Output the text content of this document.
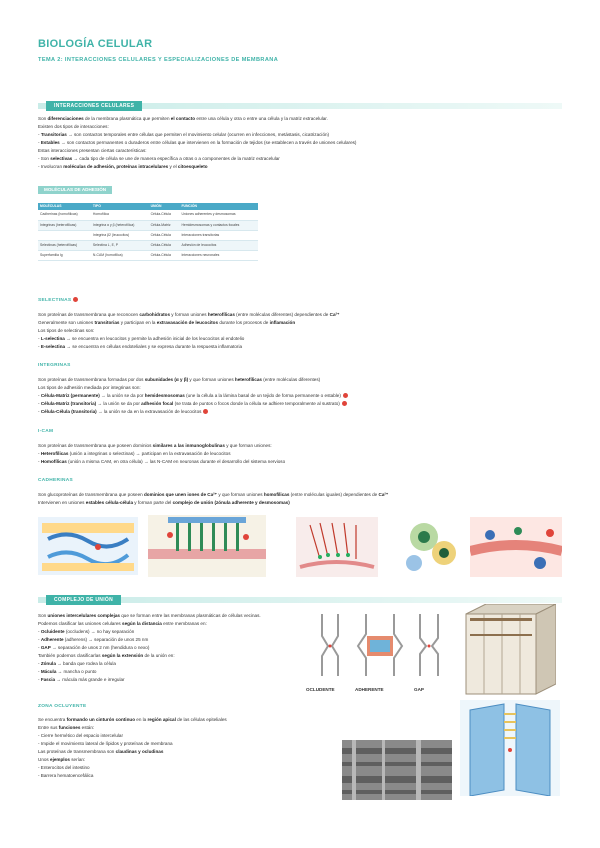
BIOLOGÍA CELULAR
TEMA 2: INTERACCIONES CELULARES Y ESPECIALIZACIONES DE MEMBRANA
INTERACCIONES CELULARES
Son diferenciaciones de la membrana plasmática que permiten el contacto entre una célula y otra o entre una célula y la matriz extracelular.
Existen dos tipos de interacciones:
- Transitorias → son contactos temporales entre células que permiten el movimiento celular (ocurren en infecciones, metástasis, cicatrización)
- Estables → son contactos permanentes o duraderos entre células que intervienen en la formación de tejidos (se establecen a través de uniones celulares)
Estas interacciones presentan ciertas características:
- Son selectivas → cada tipo de célula se une de manera específica a otras o a componentes de la matriz extracelular
- Involucran moléculas de adhesión, proteínas intracelulares y el citoesqueleto
MOLÉCULAS DE ADHESIÓN
MOLÉCULAS	TIPO	UNIÓN	FUNCIÓN
Cadherinas (homofílicas)	Homofílica	Célula-Célula	Uniones adherentes y desmosomas
Integrinas (heterofílicas)	Integrina α y β (heterofílica)	Célula-Matriz	Hemidesmosomas y contactos focales
	Integrina β2 (leucocitos)	Célula-Célula	Interacciones transitorias
Selectinas (heterofílicas)	Selectina L, E, P	Célula-Célula	Adhesión de leucocitos
Superfamilia Ig	N-CAM (homofílica)	Célula-Célula	Interacciones neuronales
SELECTINAS
Son proteínas de transmembrana que reconocen carbohidratos y forman uniones heterofílicas (entre moléculas diferentes) dependientes de Ca²⁺
Generalmente son uniones transitorias y participan en la extravasación de leucocitos durante los procesos de inflamación
Los tipos de selectinas son:
- L-selectina → se encuentra en leucocitos y permite la adhesión inicial de los leucocitos al endotelio
- E-selectina → se encuentra en células endoteliales y se expresa durante la respuesta inflamatoria
INTEGRINAS
Son proteínas de transmembrana formadas por dos subunidades (α y β) y que forman uniones heterofílicas (entre moléculas diferentes)
Los tipos de adhesión mediada por integrinas son:
- Célula-Matriz (permanente) → la unión se da por hemidesmosomas (une la célula a la lámina basal de un tejido de forma permanente o estable)
- Célula-Matriz (transitoria) → la unión se da por adhesión focal (se trata de puntos o focos donde la célula se adhiere temporalmente al sustrato)
- Célula-Célula (transitoria) → la unión se da en la extravasación de leucocitos
I-CAM
Son proteínas de transmembrana que poseen dominios similares a las inmunoglobulinas y que forman uniones:
- Heterofílicas (unión a integrinas o selectinas) → participan en la extravasación de leucocitos
- Homofílicas (unión a misma CAM, en otra célula) → las N-CAM en neuronas durante el desarrollo del sistema nervioso
CADHERINAS
Son glucoproteínas de transmembrana que poseen dominios que unen iones de Ca²⁺ y que forman uniones homofílicas (entre moléculas iguales) dependientes de Ca²⁺
Intervienen en uniones estables célula-célula y forman parte del complejo de unión (zónula adherente y desmosomas)
COMPLEJO DE UNIÓN
Son uniones intercelulares complejas que se forman entre las membranas plasmáticas de células vecinas.
Podemos clasificar las uniones celulares según la distancia entre membranas en:
- Ocluidente (occludens) → no hay separación
- Adherente (adherens) → separación de unos 25 nm
- GAP → separación de unos 2 nm (hendidura o nexo)
También podemos clasificarlas según la extensión de la unión en:
- Zónula → banda que rodea la célula
- Mácula → mancha o punto
- Fascia → mácula más grande e irregular
OCLUDENTE	ADHERENTE	GAP
ZONA OCLUYENTE
Se encuentra formando un cinturón continuo en la región apical de las células epiteliales
Entre sus funciones están:
- Cierre hermético del espacio intercelular
- Impide el movimiento lateral de lípidos y proteínas de membrana
Las proteínas de transmembrana son claudinas y ocludinas
Unos ejemplos serían:
- Enterocitos del intestino
- Barrera hematoencefálica
